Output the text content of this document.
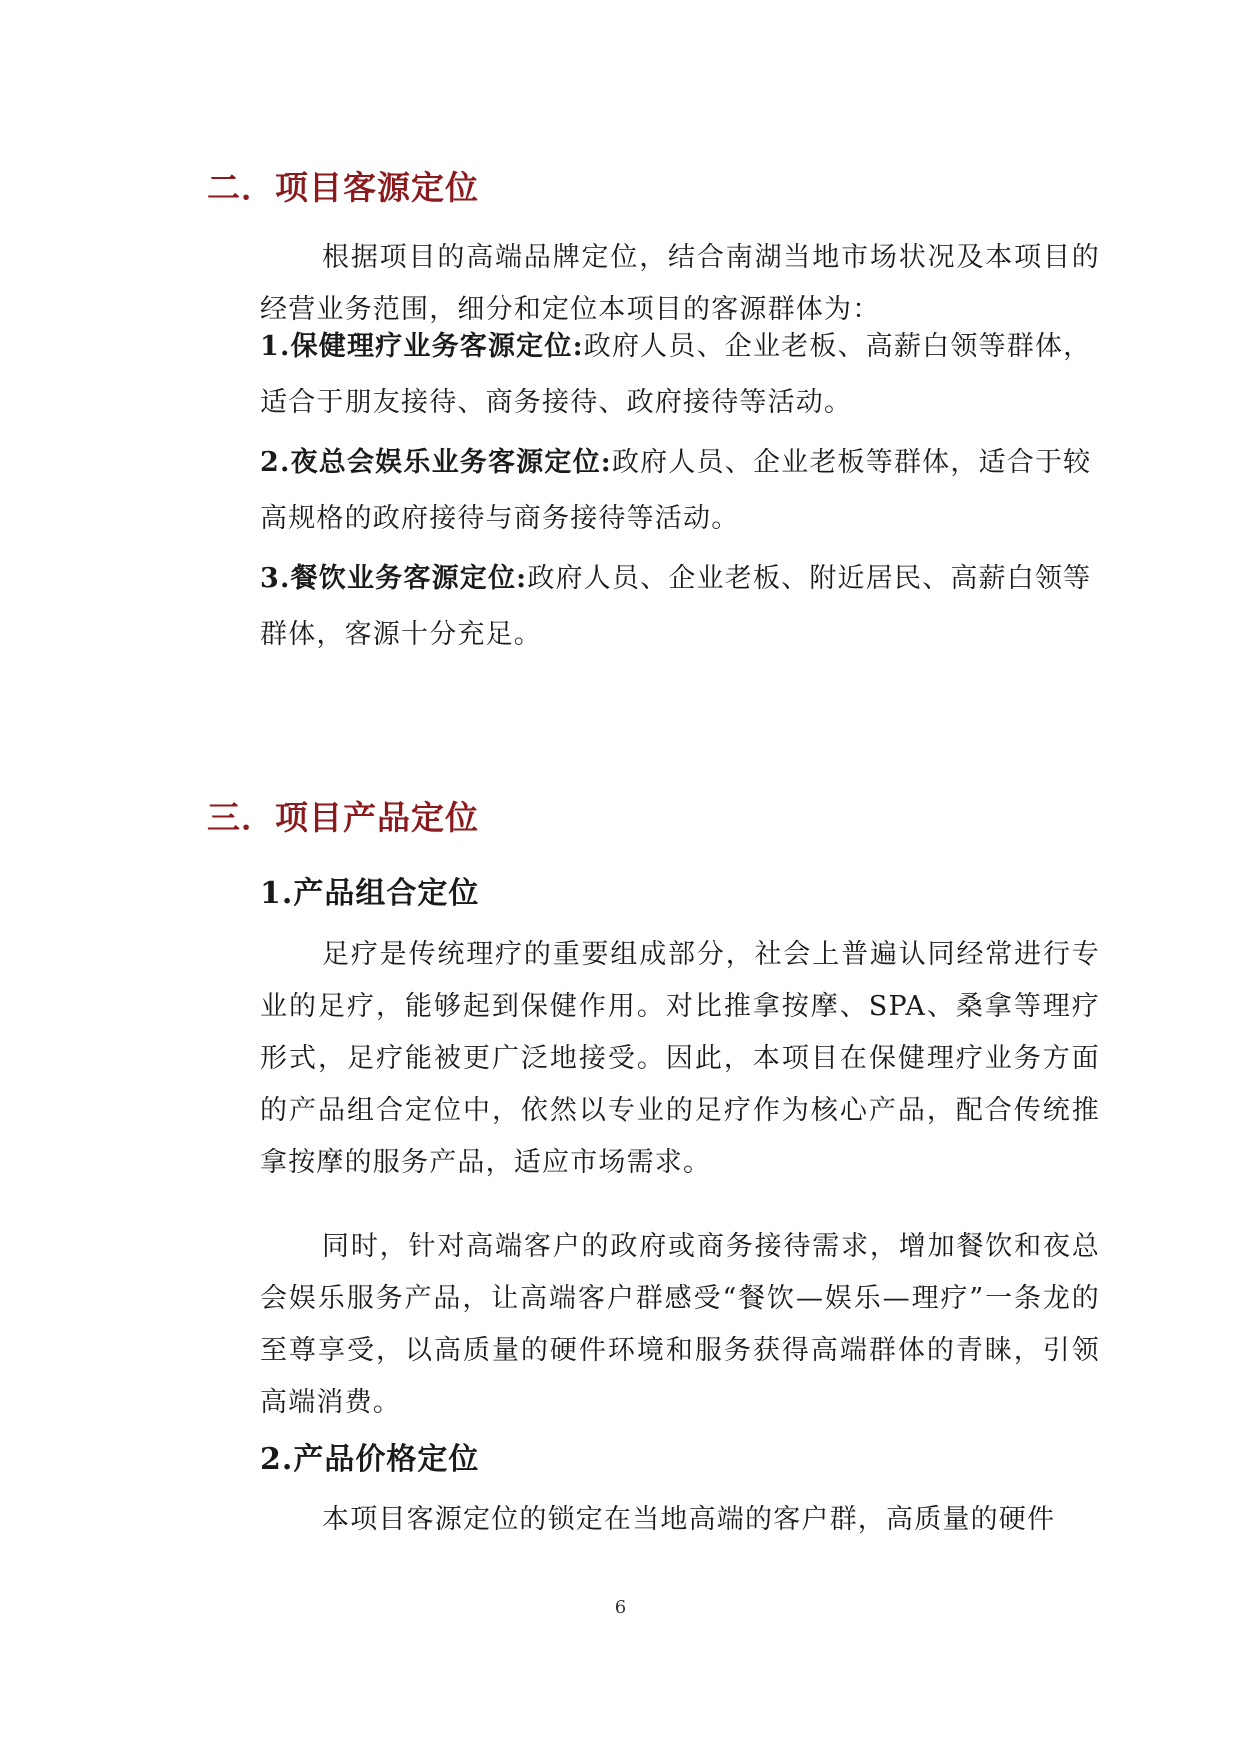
二．项目客源定位
根据项目的高端品牌定位，结合南湖当地市场状况及本项目的经营业务范围，细分和定位本项目的客源群体为：
1.保健理疗业务客源定位:政府人员、企业老板、高薪白领等群体，适合于朋友接待、商务接待、政府接待等活动。
2.夜总会娱乐业务客源定位:政府人员、企业老板等群体，适合于较高规格的政府接待与商务接待等活动。
3.餐饮业务客源定位:政府人员、企业老板、附近居民、高薪白领等群体，客源十分充足。
三．项目产品定位
1.产品组合定位
足疗是传统理疗的重要组成部分，社会上普遍认同经常进行专业的足疗，能够起到保健作用。对比推拿按摩、SPA、桑拿等理疗形式，足疗能被更广泛地接受。因此，本项目在保健理疗业务方面的产品组合定位中，依然以专业的足疗作为核心产品，配合传统推拿按摩的服务产品，适应市场需求。
同时，针对高端客户的政府或商务接待需求，增加餐饮和夜总会娱乐服务产品，让高端客户群感受“餐饮—娱乐—理疗”一条龙的至尊享受，以高质量的硬件环境和服务获得高端群体的青睐，引领高端消费。
2.产品价格定位
本项目客源定位的锁定在当地高端的客户群，高质量的硬件
6
